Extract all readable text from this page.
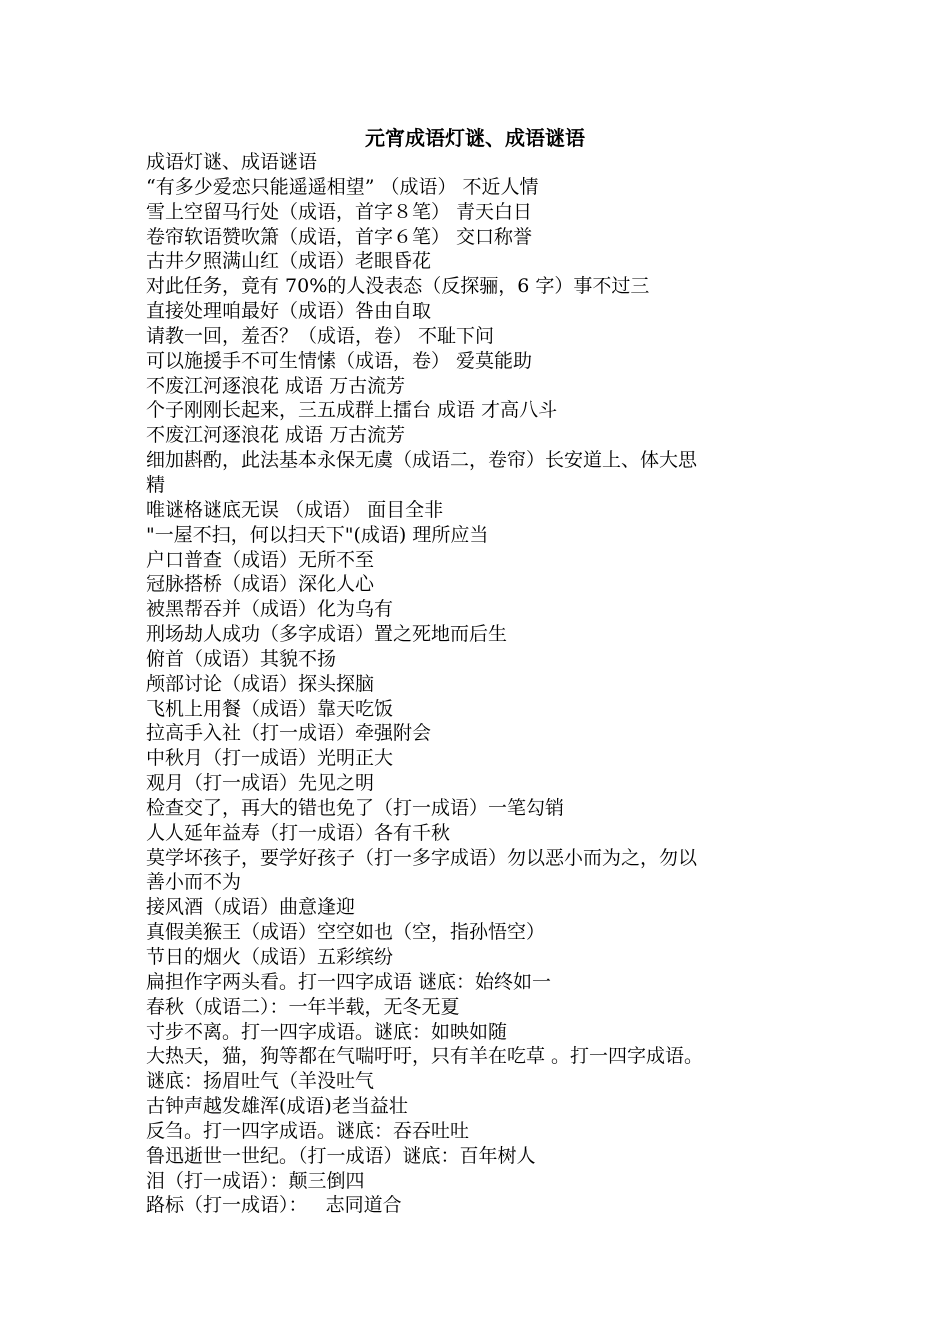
元宵成语灯谜、成语谜语
成语灯谜、成语谜语
“有多少爱恋只能遥遥相望” （成语） 不近人情
雪上空留马行处（成语，首字８笔） 青天白日
卷帘软语赞吹箫（成语，首字６笔） 交口称誉
古井夕照满山红（成语）老眼昏花
对此任务，竟有 70%的人没表态（反探骊，6 字）事不过三
直接处理咱最好（成语）咎由自取
请教一回，羞否？（成语，卷） 不耻下问
可以施援手不可生情愫（成语，卷） 爱莫能助
不废江河逐浪花 成语 万古流芳
个子刚刚长起来，三五成群上擂台 成语 才高八斗
不废江河逐浪花 成语 万古流芳
细加斟酌，此法基本永保无虞（成语二，卷帘）长安道上、体大思
精
唯谜格谜底无误 （成语） 面目全非
"一屋不扫，何以扫天下"(成语) 理所应当
户口普查（成语）无所不至
冠脉搭桥（成语）深化人心
被黑帮吞并（成语）化为乌有
刑场劫人成功（多字成语）置之死地而后生
俯首（成语）其貌不扬
颅部讨论（成语）探头探脑
飞机上用餐（成语）靠天吃饭
拉高手入社（打一成语）牵强附会
中秋月（打一成语）光明正大
观月（打一成语）先见之明
检查交了，再大的错也免了（打一成语）一笔勾销
人人延年益寿（打一成语）各有千秋
莫学坏孩子，要学好孩子（打一多字成语）勿以恶小而为之，勿以
善小而不为
接风酒（成语）曲意逢迎
真假美猴王（成语）空空如也（空，指孙悟空）
节日的烟火（成语）五彩缤纷
扁担作字两头看。打一四字成语 谜底：始终如一
春秋（成语二）：一年半载，无冬无夏
寸步不离。打一四字成语。谜底：如映如随
大热天，猫，狗等都在气喘吁吁，只有羊在吃草 。打一四字成语。
谜底：扬眉吐气（羊没吐气
古钟声越发雄浑(成语)老当益壮
反刍。打一四字成语。谜底：吞吞吐吐
鲁迅逝世一世纪。（打一成语）谜底：百年树人
泪（打一成语）：颠三倒四
路标（打一成语）：   志同道合
